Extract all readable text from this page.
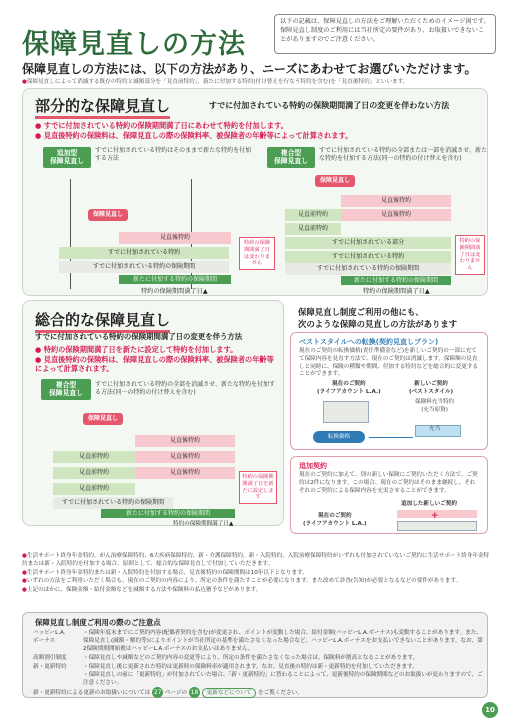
保障見直しの方法
以下の記載は、保障見直しの方法をご理解いただくためのイメージ図です。保障見直し制度のご利用には当社所定の要件があり、お取扱いできないことがありますのでご注意ください。
保障見直しの方法には、以下の方法があり、ニーズにあわせてお選びいただけます。
●保障見直しによって消滅する既存の特約と減額部分を「見直前特約」、新たに付加する特約(付け替えを行なう特約を含む)を「見直後特約」といいます。
部分的な保障見直し	すでに付加されている特約の保険期間満了日の変更を伴わない方法
● すでに付加されている特約の保険期間満了日にあわせて特約を付加します。
● 見直後特約の保険料は、保障見直しの際の保険料率、被保険者の年齢等によって計算されます。
追加型
保障見直し
すでに付加されている特約はそのままで新たな特約を付加する方法
保障見直し
見直後特約
すでに付加されている特約
すでに付加されている特約の保険期間
新たに付加する特約の保険期間
特約の保険期間満了日は変わりません
特約の保険期間満了日▲
複合型
保障見直し
すでに付加されている特約の全部または一部を消滅させ、新たな特約を付加する方法(同一の特約の付け替えを含む)
保障見直し
見直後特約
見直後特約
見直前特約
見直前特約
すでに付加されている部分
すでに付加されている特約
すでに付加されている特約の保険期間
新たに付加する特約の保険期間
特約の保険期間満了日は変わりません
特約の保険期間満了日▲
総合的な保障見直し
すでに付加されている特約の保険期間満了日の変更を伴う方法
● 特約の保険期間満了日を新たに設定して特約を付加します。
● 見直後特約の保険料は、保障見直しの際の保険料率、被保険者の年齢等によって計算されます。
複合型
保障見直し
すでに付加されている特約の全部を消滅させ、新たな特約を付加する方法(同一の特約の付け替えを含む)
保障見直し
見直後特約
見直後特約
見直後特約
見直前特約
見直前特約
見直前特約
すでに付加されている特約の保険期間
新たに付加する特約の保険期間
特約の保険期間満了日を新たに設定します
特約の保険期間満了日▲
保障見直し制度ご利用の他にも、
次のような保障の見直しの方法があります
ベストスタイルへの転換(契約見直しプラン)
現在のご契約の転換価格(責任準備金など)を新しいご契約の一部に充てて保障内容を見直す方法で、現在のご契約は消滅します。保障額の見直しと同時に、保険の種類や期間、付加する特約などを総合的に変更することができます。
現在のご契約
(ライフアカウント L.A.)
新しいご契約
(ベストスタイル)
保険料充当特約
(充当原資)
充当
転換価格
追加契約
現在のご契約に加えて、別の新しい保険にご契約いただく方法で、ご契約は2件になります。この場合、現在のご契約はそのまま継続し、それぞれのご契約による保障内容を充実させることができます。
追加した新しいご契約
現在のご契約
(ライフアカウント L.A.)
+
●生活サポート終身年金特約、がん治療保障特約、6大疾病保障特約、新・介護保障特約、新・入院特約、入院治療保障特約がいずれも付加されていないご契約に生活サポート終身年金特約または新・入院特約を付加する場合、原則として、総合的な保障見直しで付加していただきます。
●生活サポート終身年金特約または新・入院特約を付加する場合、見直後特約の保険期間は10年以下となります。
●いずれの方法をご利用いただく場合も、現在のご契約の内容により、所定の条件を満たすことが必要になります。また改めて診査(告知)が必要となるなどの要件があります。
●上記のほかに、保険金額・給付金額などを減額する方法や保険料の払込猶予などがあります。
保障見直し制度ご利用の際のご注意点
ハッピーL.A.
ボーナス
・保険年度末までにご契約内容(配偶者契約を含む)が変更され、ポイントが変動した場合、給付金額(ハッピーL.A.ボーナス)も変動することがあります。また、保障見直し(減額・解約等)によりポイントが当社所定の基準を満たさなくなった場合など、ハッピーL.A.ボーナスをお支払いできないことがあります。なお、第2保険期間開始後はハッピーL.A.ボーナスのお支払いはありません。
高額割引制度	・保障見直しや減額などのご契約内容の変更等により、所定の条件を満たさなくなった場合は、保険料が割高となることがあります。
新・更新特約	・保障見直し後に更新された特約は更新時の保険料率が適用されます。なお、見直後の特約は新・更新特約を付加していただきます。
・保障見直しの前に「更新特約」が付加されていた場合、「新・更新特約」に替わることによって、更新後特約の保険期間などのお取扱いが変わりますので、ご注意ください。
新・更新特約による更新のお取扱いについては 27 ページの 18 更新などについて をご覧ください。
10
